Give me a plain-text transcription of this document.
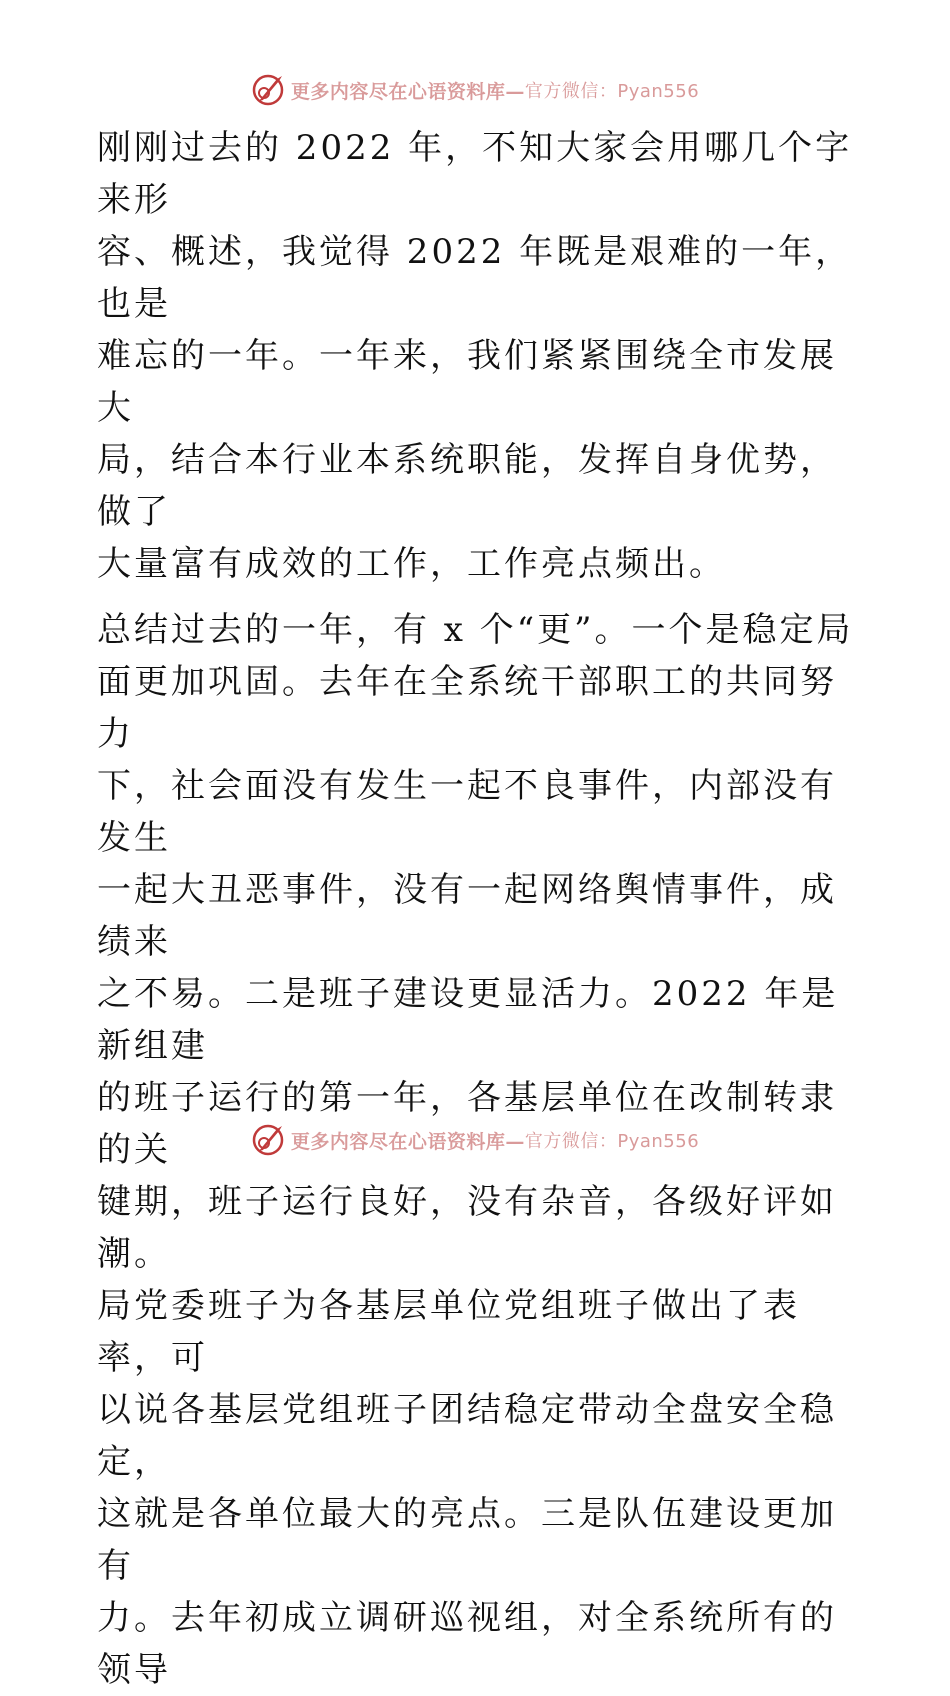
更多内容尽在心语资料库— 官方微信：Pyan556

刚刚过去的 2022 年，不知大家会用哪几个字来形
容、概述，我觉得 2022 年既是艰难的一年，也是
难忘的一年。一年来，我们紧紧围绕全市发展大
局，结合本行业本系统职能，发挥自身优势，做了
大量富有成效的工作，工作亮点频出。

总结过去的一年，有 x 个“更”。一个是稳定局
面更加巩固。去年在全系统干部职工的共同努力
下，社会面没有发生一起不良事件，内部没有发生
一起大丑恶事件，没有一起网络舆情事件，成绩来
之不易。二是班子建设更显活力。2022 年是新组建
的班子运行的第一年，各基层单位在改制转隶的关
键期，班子运行良好，没有杂音，各级好评如潮。
局党委班子为各基层单位党组班子做出了表率，可
以说各基层党组班子团结稳定带动全盘安全稳定，
这就是各单位最大的亮点。三是队伍建设更加有
力。去年初成立调研巡视组，对全系统所有的领导

更多内容尽在心语资料库— 官方微信：Pyan556
